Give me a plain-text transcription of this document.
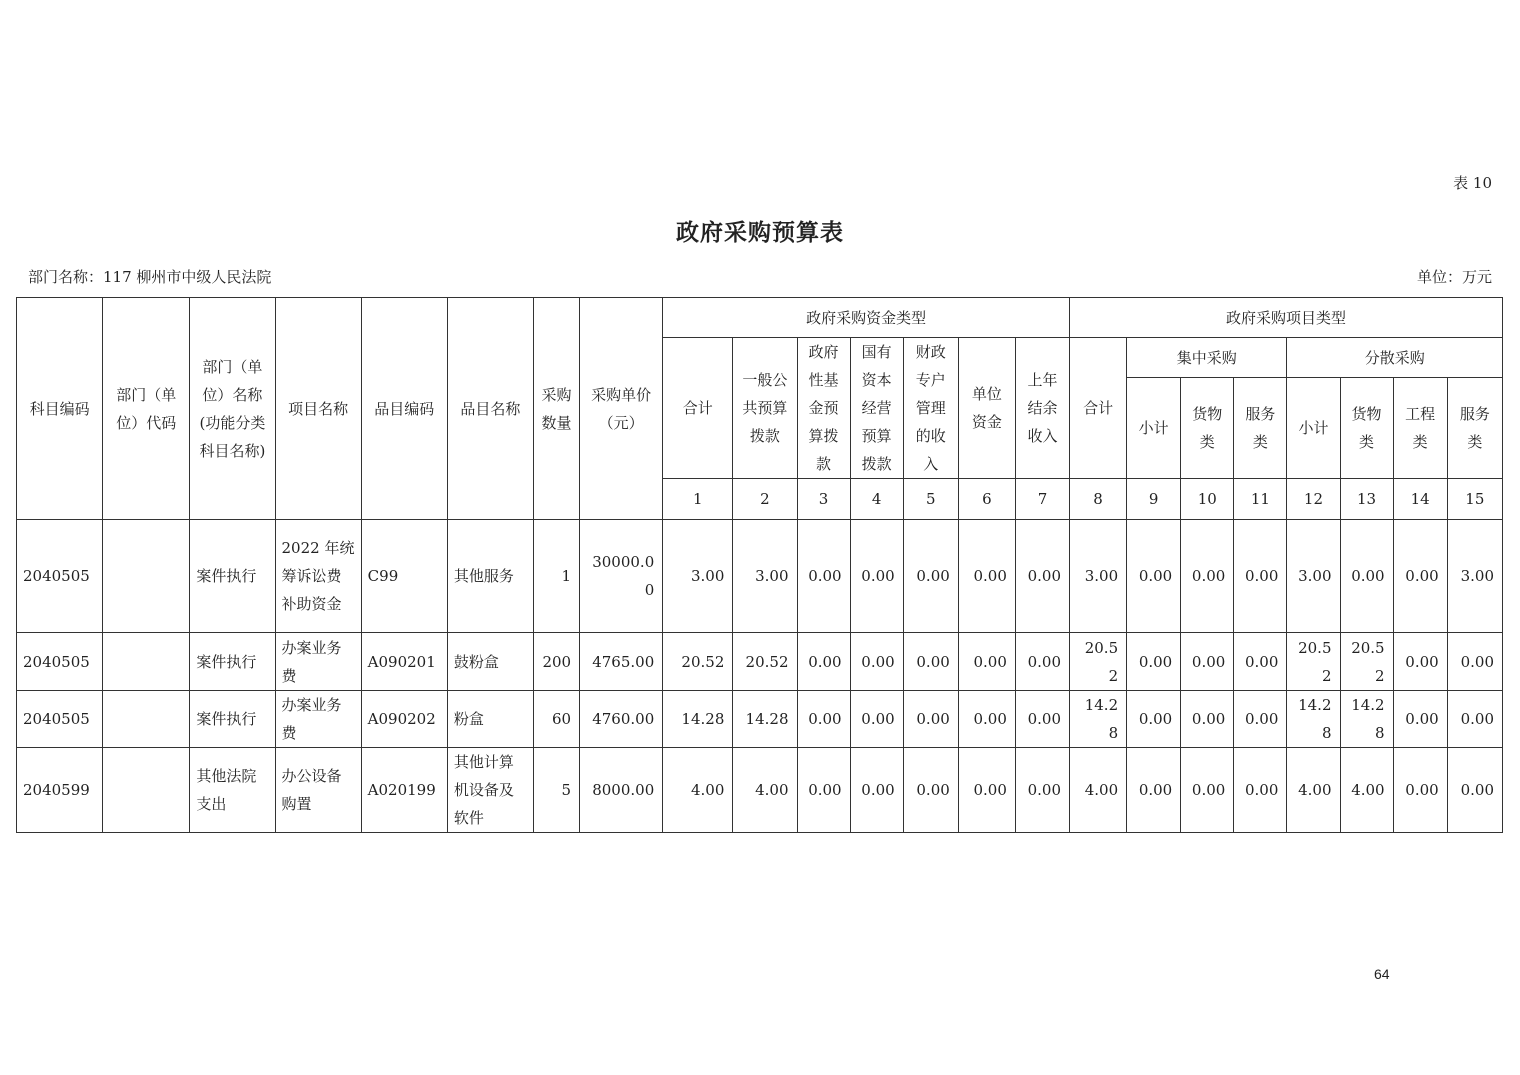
表 10
政府采购预算表
部门名称：117 柳州市中级人民法院	单位：万元
科目编码	部门（单位）代码	部门（单位）名称(功能分类科目名称)	项目名称	品目编码	品目名称	采购数量	采购单价（元）	政府采购资金类型							政府采购项目类型							
								合计	一般公共预算拨款	政府性基金预算拨款	国有资本经营预算拨款	财政专户管理的收入	单位资金	上年结余收入	合计	集中采购			分散采购			
																小计	货物类	服务类	小计	货物类	工程类	服务类
								1	2	3	4	5	6	7	8	9	10	11	12	13	14	15
2040505		案件执行	2022 年统筹诉讼费补助资金	C99	其他服务	1	30000.00	3.00	3.00	0.00	0.00	0.00	0.00	0.00	3.00	0.00	0.00	0.00	3.00	0.00	0.00	3.00
2040505		案件执行	办案业务费	A090201	鼓粉盒	200	4765.00	20.52	20.52	0.00	0.00	0.00	0.00	0.00	20.52	0.00	0.00	0.00	20.52	20.52	0.00	0.00
2040505		案件执行	办案业务费	A090202	粉盒	60	4760.00	14.28	14.28	0.00	0.00	0.00	0.00	0.00	14.28	0.00	0.00	0.00	14.28	14.28	0.00	0.00
2040599		其他法院支出	办公设备购置	A020199	其他计算机设备及软件	5	8000.00	4.00	4.00	0.00	0.00	0.00	0.00	0.00	4.00	0.00	0.00	0.00	4.00	4.00	0.00	0.00
64
